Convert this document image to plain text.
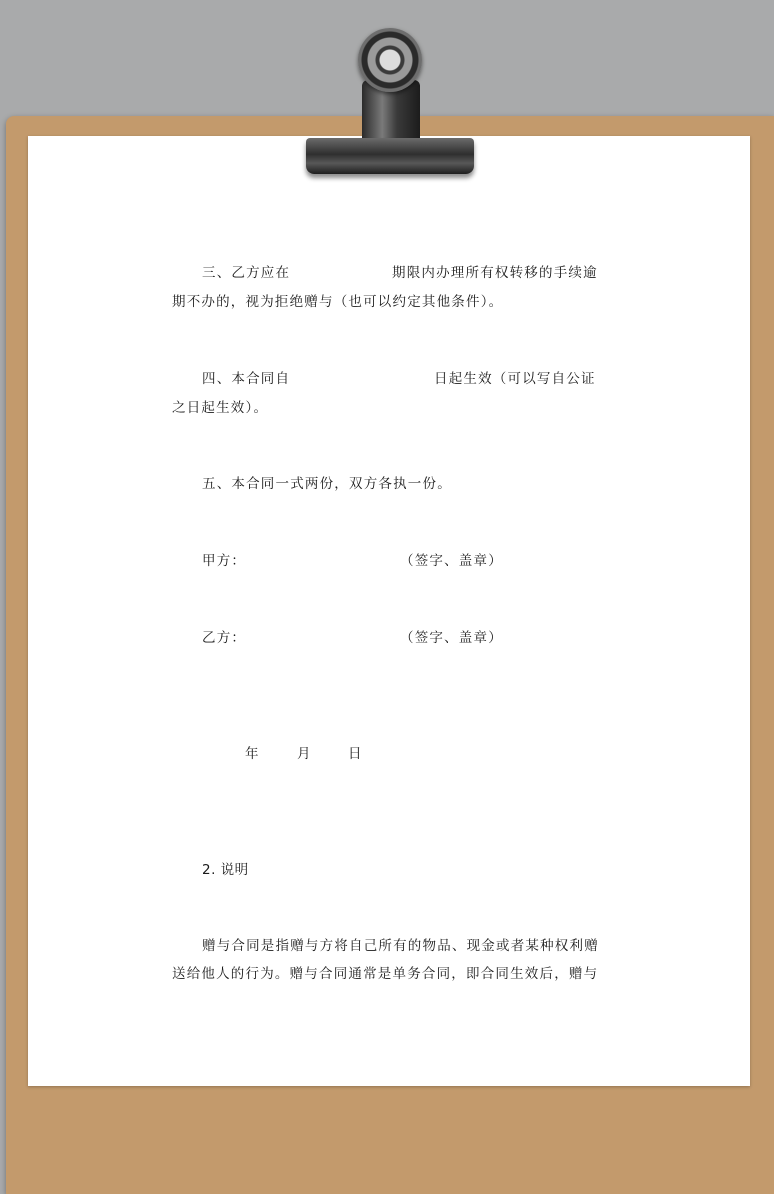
三、乙方应在	期限内办理所有权转移的手续逾
期不办的，视为拒绝赠与（也可以约定其他条件）。
四、本合同自	日起生效（可以写自公证
之日起生效）。
五、本合同一式两份，双方各执一份。
甲方：	（签字、盖章）
乙方：	（签字、盖章）
年	月	日
2. 说明
赠与合同是指赠与方将自己所有的物品、现金或者某种权利赠
送给他人的行为。赠与合同通常是单务合同，即合同生效后，赠与
